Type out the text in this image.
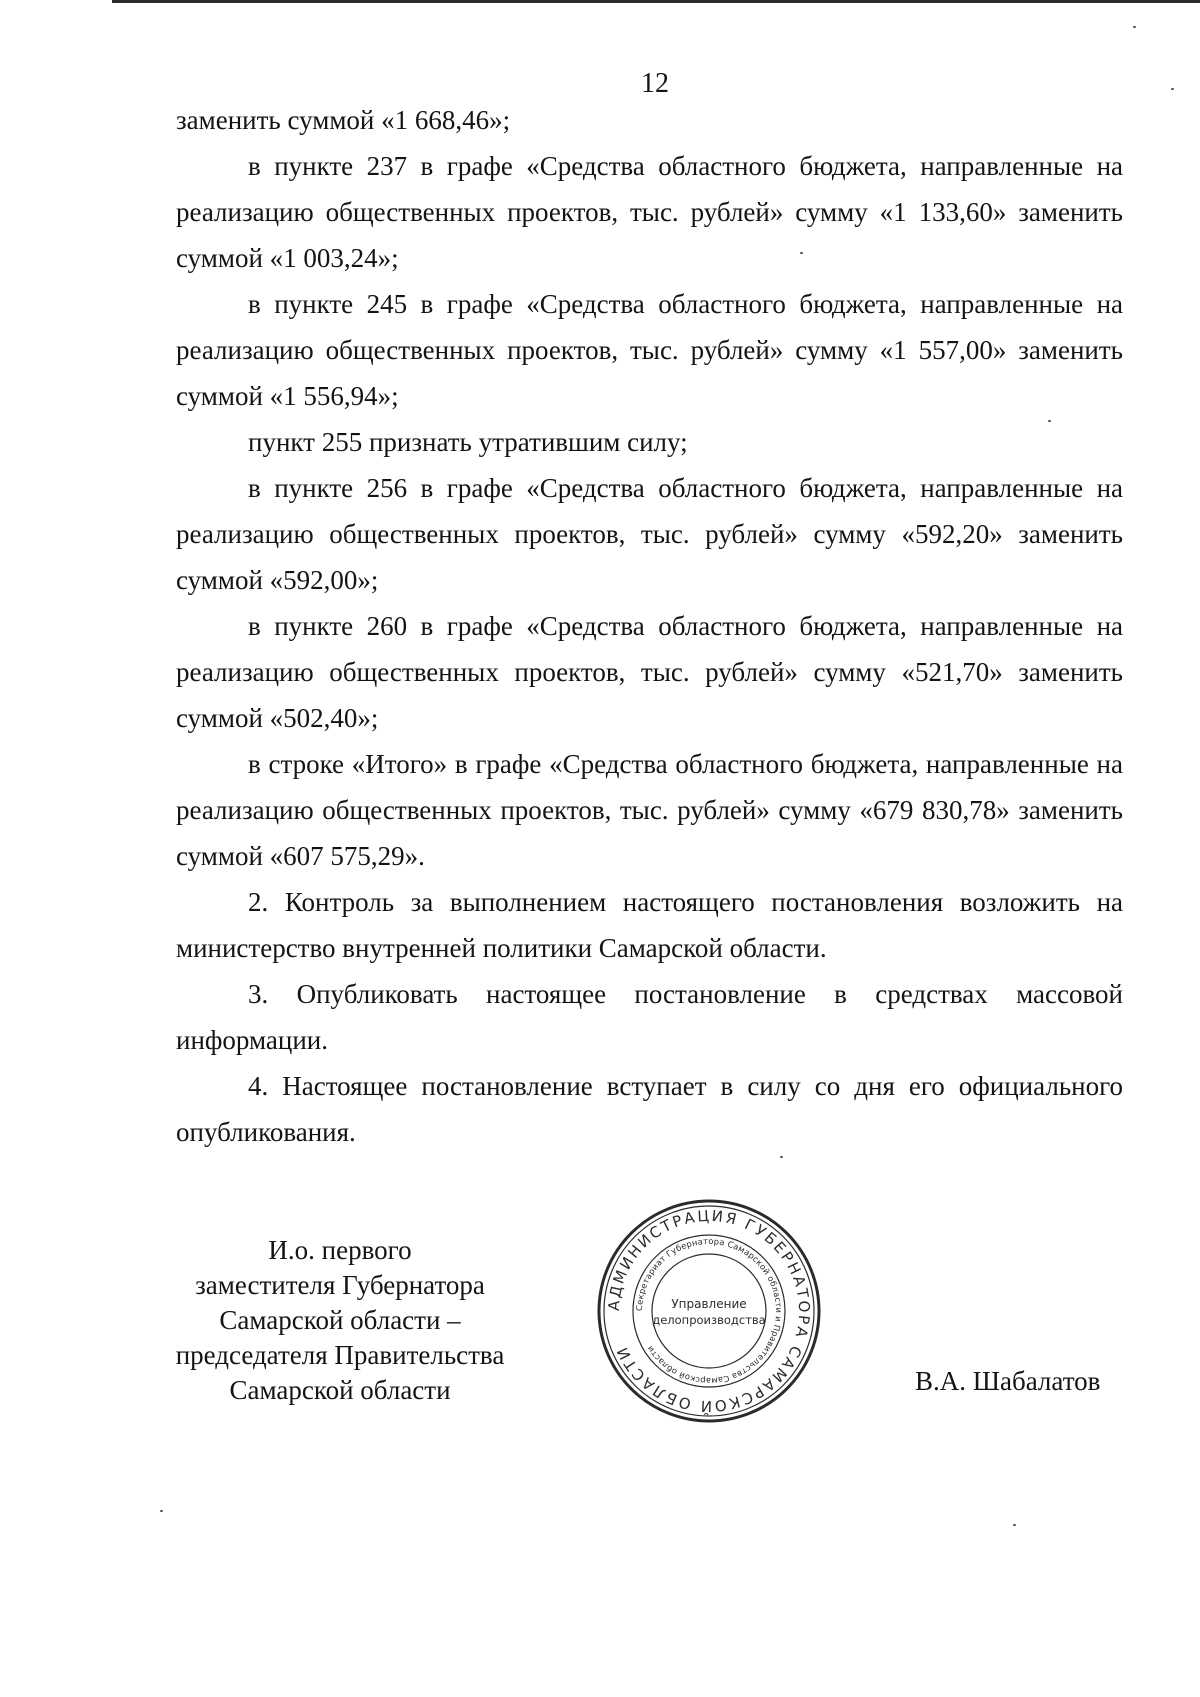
12

заменить суммой «1 668,46»;

в пункте 237 в графе «Средства областного бюджета, направленные на реализацию общественных проектов, тыс. рублей» сумму «1 133,60» заменить суммой «1 003,24»;

в пункте 245 в графе «Средства областного бюджета, направленные на реализацию общественных проектов, тыс. рублей» сумму «1 557,00» заменить суммой «1 556,94»;

пункт 255 признать утратившим силу;

в пункте 256 в графе «Средства областного бюджета, направленные на реализацию общественных проектов, тыс. рублей» сумму «592,20» заменить суммой «592,00»;

в пункте 260 в графе «Средства областного бюджета, направленные на реализацию общественных проектов, тыс. рублей» сумму «521,70» заменить суммой «502,40»;

в строке «Итого» в графе «Средства областного бюджета, направленные на реализацию общественных проектов, тыс. рублей» сумму «679 830,78» заменить суммой «607 575,29».

2. Контроль за выполнением настоящего постановления возложить на министерство внутренней политики Самарской области.

3. Опубликовать настоящее постановление в средствах массовой информации.

4. Настоящее постановление вступает в силу со дня его официального опубликования.

И.о. первого
заместителя Губернатора
Самарской области –
председателя Правительства
Самарской области
АДМИНИСТРАЦИЯ ГУБЕРНАТОРА САМАРСКОЙ ОБЛАСТИ
Секретариат Губернатора Самарской области и Правительства Самарской области
Управление
делопроизводства
В.А. Шабалатов
